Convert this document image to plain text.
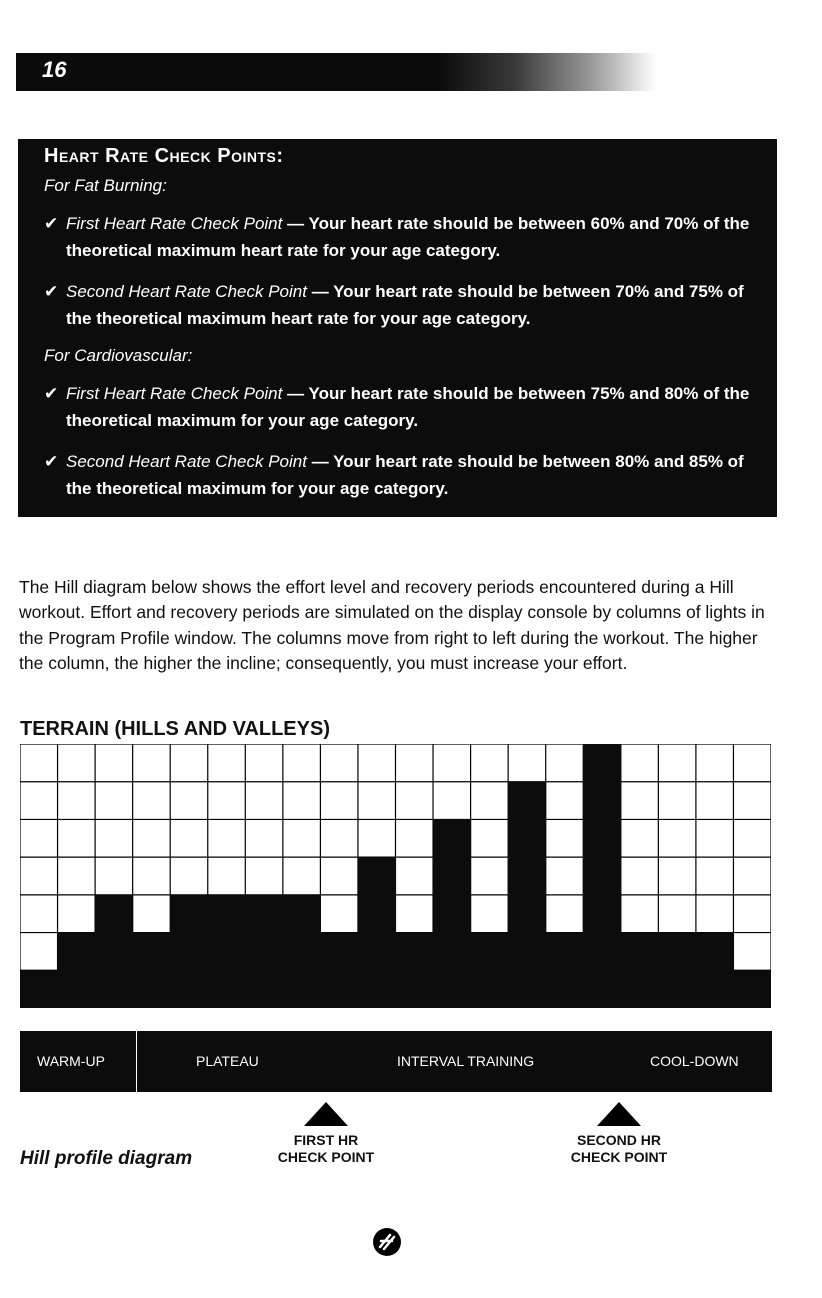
16

Heart Rate Check Points:

For Fat Burning:

✔ First Heart Rate Check Point — Your heart rate should be between 60% and 70% of the theoretical maximum heart rate for your age category.

✔ Second Heart Rate Check Point — Your heart rate should be between 70% and 75% of the theoretical maximum heart rate for your age category.

For Cardiovascular:

✔ First Heart Rate Check Point — Your heart rate should be between 75% and 80% of the theoretical maximum for your age category.

✔ Second Heart Rate Check Point — Your heart rate should be between 80% and 85% of the theoretical maximum for your age category.

The Hill diagram below shows the effort level and recovery periods encountered during a Hill workout. Effort and recovery periods are simulated on the display console by columns of lights in the Program Profile window. The columns move from right to left during the workout. The higher the column, the higher the incline; consequently, you must increase your effort.

TERRAIN (HILLS AND VALLEYS)

WARM-UP	PLATEAU	INTERVAL TRAINING	COOL-DOWN
FIRST HR
CHECK POINT
SECOND HR
CHECK POINT

Hill profile diagram
